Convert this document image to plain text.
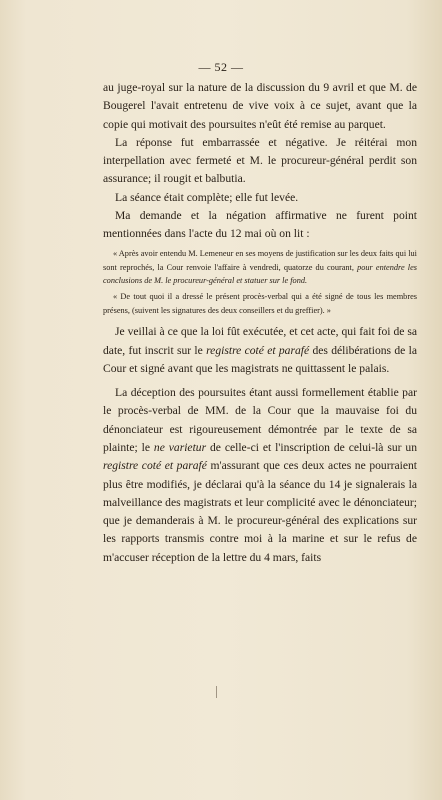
— 52 —

au juge-royal sur la nature de la discussion du 9 avril et que M. de Bougerel l'avait entretenu de vive voix à ce sujet, avant que la copie qui motivait des poursuites n'eût été remise au parquet.

La réponse fut embarrassée et négative. Je réitérai mon interpellation avec fermeté et M. le procureur-général perdit son assurance; il rougit et balbutia.

La séance était complète; elle fut levée.

Ma demande et la négation affirmative ne furent point mentionnées dans l'acte du 12 mai où on lit :

« Après avoir entendu M. Lemeneur en ses moyens de justification sur les deux faits qui lui sont reprochés, la Cour renvoie l'affaire à vendredi, quatorze du courant, pour entendre les conclusions de M. le procureur-général et statuer sur le fond.

« De tout quoi il a dressé le présent procès-verbal qui a été signé de tous les membres présens, (suivent les signatures des deux conseillers et du greffier). »

Je veillai à ce que la loi fût exécutée, et cet acte, qui fait foi de sa date, fut inscrit sur le registre coté et parafé des délibérations de la Cour et signé avant que les magistrats ne quittassent le palais.

La déception des poursuites étant aussi formellement établie par le procès-verbal de MM. de la Cour que la mauvaise foi du dénonciateur est rigoureusement démontrée par le texte de sa plainte; le ne varietur de celle-ci et l'inscription de celui-là sur un registre coté et parafé m'assurant que ces deux actes ne pourraient plus être modifiés, je déclarai qu'à la séance du 14 je signalerais la malveillance des magistrats et leur complicité avec le dénonciateur; que je demanderais à M. le procureur-général des explications sur les rapports transmis contre moi à la marine et sur le refus de m'accuser réception de la lettre du 4 mars, faits
